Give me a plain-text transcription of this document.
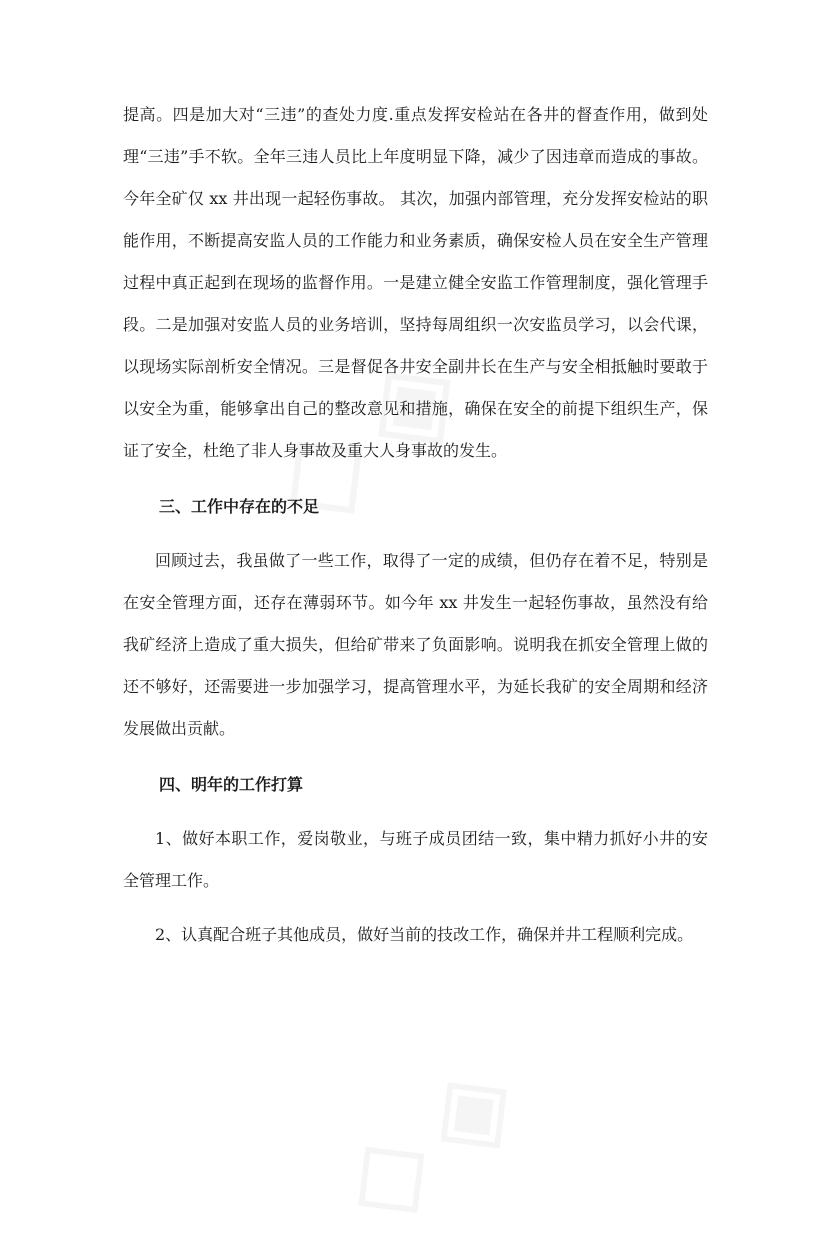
提高。四是加大对“三违”的查处力度.重点发挥安检站在各井的督查作用，做到处理“三违”手不软。全年三违人员比上年度明显下降，减少了因违章而造成的事故。今年全矿仅 xx 井出现一起轻伤事故。 其次，加强内部管理，充分发挥安检站的职能作用，不断提高安监人员的工作能力和业务素质，确保安检人员在安全生产管理过程中真正起到在现场的监督作用。一是建立健全安监工作管理制度，强化管理手段。二是加强对安监人员的业务培训，坚持每周组织一次安监员学习，以会代课，以现场实际剖析安全情况。三是督促各井安全副井长在生产与安全相抵触时要敢于以安全为重，能够拿出自己的整改意见和措施，确保在安全的前提下组织生产，保证了安全，杜绝了非人身事故及重大人身事故的发生。

三、工作中存在的不足

回顾过去，我虽做了一些工作，取得了一定的成绩，但仍存在着不足，特别是在安全管理方面，还存在薄弱环节。如今年 xx 井发生一起轻伤事故，虽然没有给我矿经济上造成了重大损失，但给矿带来了负面影响。说明我在抓安全管理上做的还不够好，还需要进一步加强学习，提高管理水平，为延长我矿的安全周期和经济发展做出贡献。

四、明年的工作打算

1、做好本职工作，爱岗敬业，与班子成员团结一致，集中精力抓好小井的安全管理工作。

2、认真配合班子其他成员，做好当前的技改工作，确保并井工程顺利完成。
